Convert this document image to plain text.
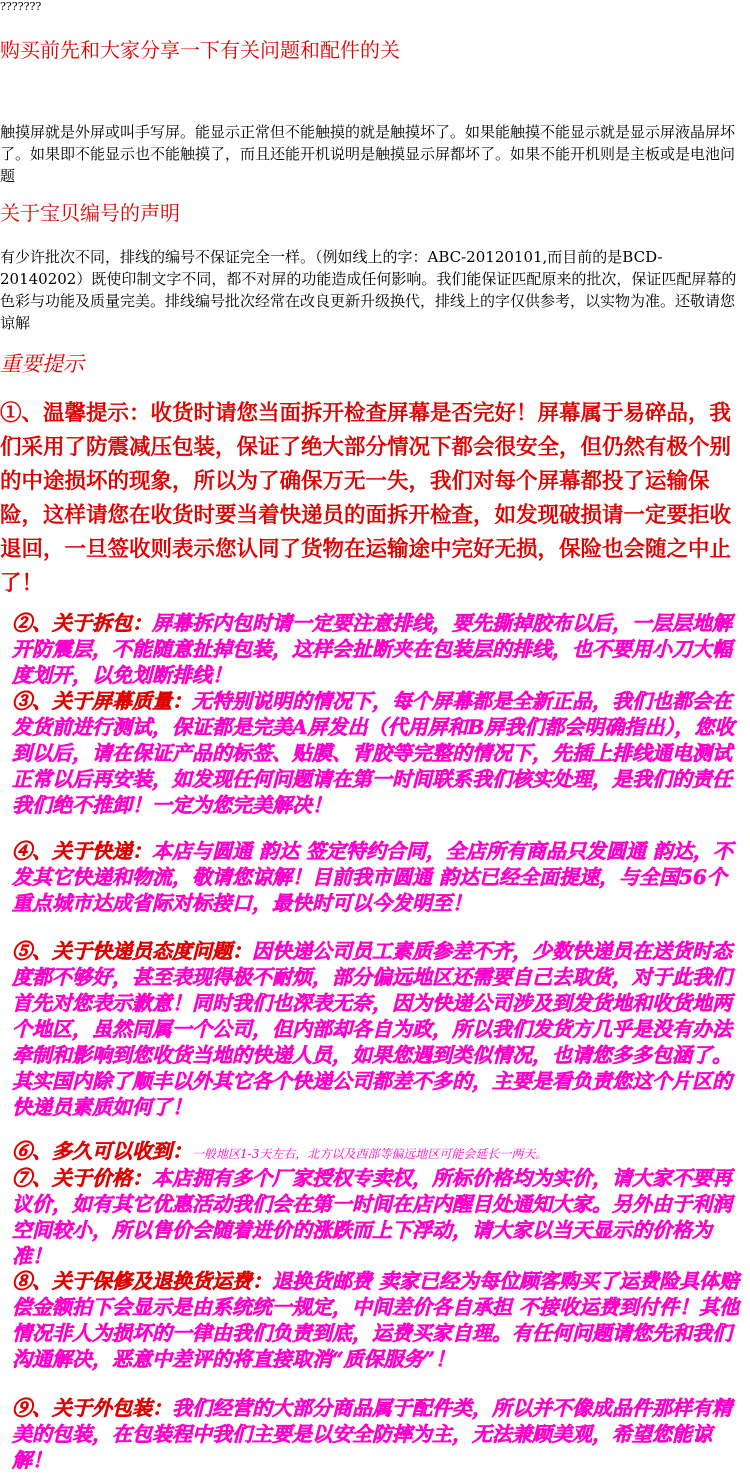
???????
购买前先和大家分享一下有关问题和配件的关
触摸屏就是外屏或叫手写屏。能显示正常但不能触摸的就是触摸坏了。如果能触摸不能显示就是显示屏液晶屏坏了。如果即不能显示也不能触摸了，而且还能开机说明是触摸显示屏都坏了。如果不能开机则是主板或是电池问题
关于宝贝编号的声明
有少许批次不同，排线的编号不保证完全一样。（例如线上的字：ABC-20120101,而目前的是BCD-20140202）既使印制文字不同，都不对屏的功能造成任何影响。我们能保证匹配原来的批次，保证匹配屏幕的色彩与功能及质量完美。排线编号批次经常在改良更新升级换代，排线上的字仅供参考，以实物为准。还敬请您谅解
重要提示
①、温馨提示：收货时请您当面拆开检查屏幕是否完好！屏幕属于易碎品，我们采用了防震减压包装，保证了绝大部分情况下都会很安全，但仍然有极个别的中途损坏的现象，所以为了确保万无一失，我们对每个屏幕都投了运输保险，这样请您在收货时要当着快递员的面拆开检查，如发现破损请一定要拒收退回，一旦签收则表示您认同了货物在运输途中完好无损，保险也会随之中止了！
②、关于拆包：屏幕拆内包时请一定要注意排线，要先撕掉胶布以后，一层层地解开防震层，不能随意扯掉包装，这样会扯断夹在包装层的排线，也不要用小刀大幅度划开，以免划断排线！
③、关于屏幕质量：无特别说明的情况下，每个屏幕都是全新正品，我们也都会在发货前进行测试，保证都是完美A屏发出（代用屏和B屏我们都会明确指出），您收到以后，请在保证产品的标签、贴膜、背胶等完整的情况下，先插上排线通电测试正常以后再安装，如发现任何问题请在第一时间联系我们核实处理，是我们的责任我们绝不推卸！一定为您完美解决！
④、关于快递：本店与圆通 韵达 签定特约合同，全店所有商品只发圆通 韵达，不发其它快递和物流，敬请您谅解！目前我市圆通 韵达已经全面提速，与全国56个重点城市达成省际对标接口，最快时可以今发明至！
⑤、关于快递员态度问题：因快递公司员工素质参差不齐，少数快递员在送货时态度都不够好，甚至表现得极不耐烦，部分偏远地区还需要自己去取货，对于此我们首先对您表示歉意！同时我们也深表无奈，因为快递公司涉及到发货地和收货地两个地区，虽然同属一个公司，但内部却各自为政，所以我们发货方几乎是没有办法牵制和影响到您收货当地的快递人员，如果您遇到类似情况，也请您多多包涵了。其实国内除了顺丰以外其它各个快递公司都差不多的，主要是看负责您这个片区的快递员素质如何了！
⑥、多久可以收到：一般地区1-3天左右，北方以及西部等偏远地区可能会延长一两天。
⑦、关于价格：本店拥有多个厂家授权专卖权，所标价格均为实价，请大家不要再议价，如有其它优惠活动我们会在第一时间在店内醒目处通知大家。另外由于利润空间较小，所以售价会随着进价的涨跌而上下浮动，请大家以当天显示的价格为准！
⑧、关于保修及退换货运费：退换货邮费 卖家已经为每位顾客购买了运费险具体赔偿金额拍下会显示是由系统统一规定，中间差价各自承担 不接收运费到付件！其他情况非人为损坏的一律由我们负责到底，运费买家自理。有任何问题请您先和我们沟通解决，恶意中差评的将直接取消“质保服务”！
⑨、关于外包装：我们经营的大部分商品属于配件类，所以并不像成品件那样有精美的包装，在包装程中我们主要是以安全防摔为主，无法兼顾美观，希望您能谅解！
